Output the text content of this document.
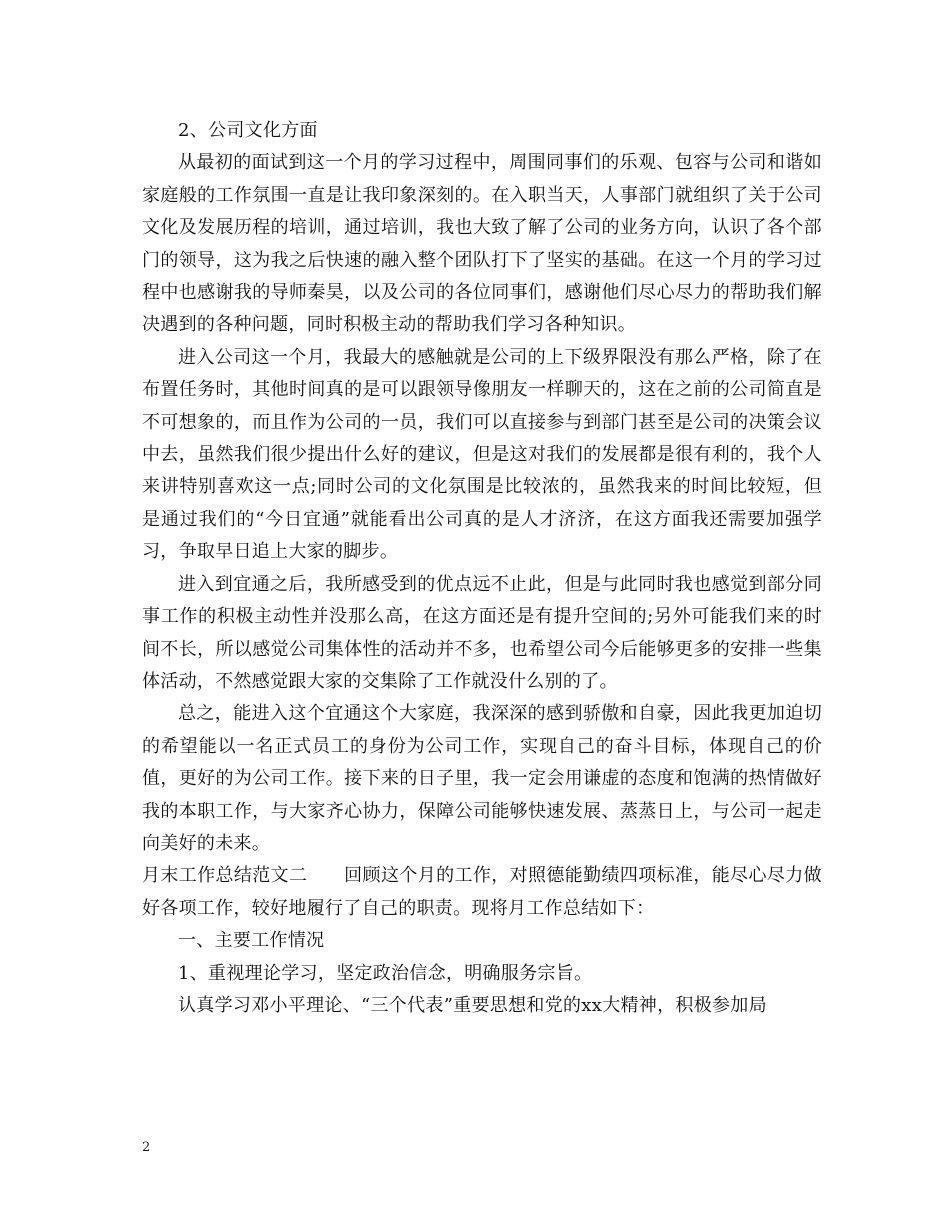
2、公司文化方面

从最初的面试到这一个月的学习过程中，周围同事们的乐观、包容与公司和谐如家庭般的工作氛围一直是让我印象深刻的。在入职当天，人事部门就组织了关于公司文化及发展历程的培训，通过培训，我也大致了解了公司的业务方向，认识了各个部门的领导，这为我之后快速的融入整个团队打下了坚实的基础。在这一个月的学习过程中也感谢我的导师秦昊，以及公司的各位同事们，感谢他们尽心尽力的帮助我们解决遇到的各种问题，同时积极主动的帮助我们学习各种知识。

进入公司这一个月，我最大的感触就是公司的上下级界限没有那么严格，除了在布置任务时，其他时间真的是可以跟领导像朋友一样聊天的，这在之前的公司简直是不可想象的，而且作为公司的一员，我们可以直接参与到部门甚至是公司的决策会议中去，虽然我们很少提出什么好的建议，但是这对我们的发展都是很有利的，我个人来讲特别喜欢这一点;同时公司的文化氛围是比较浓的，虽然我来的时间比较短，但是通过我们的“今日宜通”就能看出公司真的是人才济济，在这方面我还需要加强学习，争取早日追上大家的脚步。

进入到宜通之后，我所感受到的优点远不止此，但是与此同时我也感觉到部分同事工作的积极主动性并没那么高，在这方面还是有提升空间的;另外可能我们来的时间不长，所以感觉公司集体性的活动并不多，也希望公司今后能够更多的安排一些集体活动，不然感觉跟大家的交集除了工作就没什么别的了。

总之，能进入这个宜通这个大家庭，我深深的感到骄傲和自豪，因此我更加迫切的希望能以一名正式员工的身份为公司工作，实现自己的奋斗目标，体现自己的价值，更好的为公司工作。接下来的日子里，我一定会用谦虚的态度和饱满的热情做好我的本职工作，与大家齐心协力，保障公司能够快速发展、蒸蒸日上，与公司一起走向美好的未来。

月末工作总结范文二　　回顾这个月的工作，对照德能勤绩四项标准，能尽心尽力做好各项工作，较好地履行了自己的职责。现将月工作总结如下：

一、主要工作情况

1、重视理论学习，坚定政治信念，明确服务宗旨。

认真学习邓小平理论、“三个代表”重要思想和党的xx大精神，积极参加局

2
